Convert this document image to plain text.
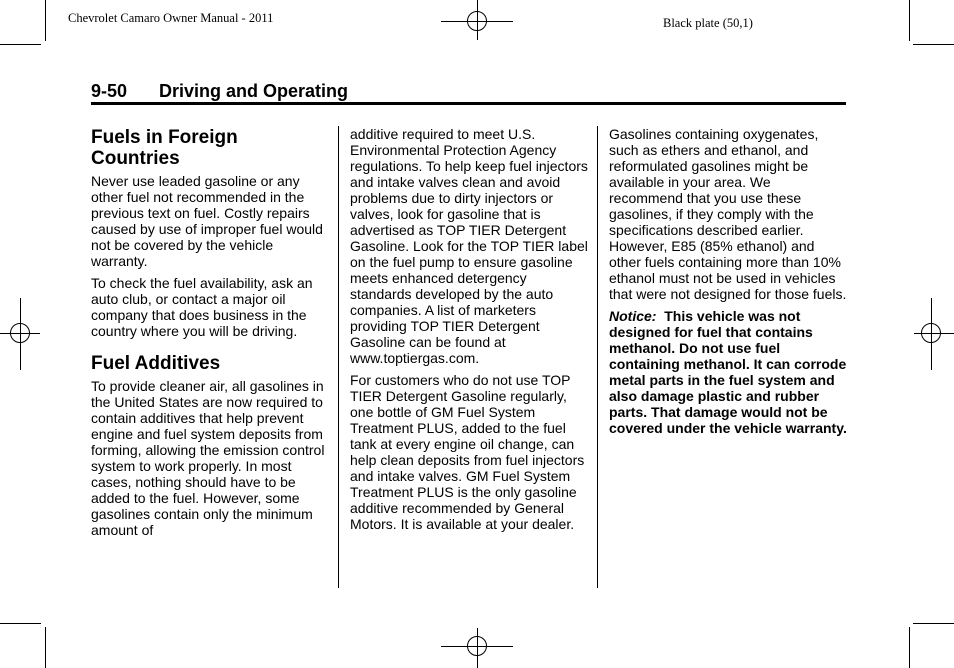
Chevrolet Camaro Owner Manual - 2011	Black plate (50,1)
9-50 Driving and Operating
Fuels in Foreign Countries

Never use leaded gasoline or any other fuel not recommended in the previous text on fuel. Costly repairs caused by use of improper fuel would not be covered by the vehicle warranty.

To check the fuel availability, ask an auto club, or contact a major oil company that does business in the country where you will be driving.

Fuel Additives

To provide cleaner air, all gasolines in the United States are now required to contain additives that help prevent engine and fuel system deposits from forming, allowing the emission control system to work properly. In most cases, nothing should have to be added to the fuel. However, some gasolines contain only the minimum amount of

additive required to meet U.S. Environmental Protection Agency regulations. To help keep fuel injectors and intake valves clean and avoid problems due to dirty injectors or valves, look for gasoline that is advertised as TOP TIER Detergent Gasoline. Look for the TOP TIER label on the fuel pump to ensure gasoline meets enhanced detergency standards developed by the auto companies. A list of marketers providing TOP TIER Detergent Gasoline can be found at www.toptiergas.com.

For customers who do not use TOP TIER Detergent Gasoline regularly, one bottle of GM Fuel System Treatment PLUS, added to the fuel tank at every engine oil change, can help clean deposits from fuel injectors and intake valves. GM Fuel System Treatment PLUS is the only gasoline additive recommended by General Motors. It is available at your dealer.

Gasolines containing oxygenates, such as ethers and ethanol, and reformulated gasolines might be available in your area. We recommend that you use these gasolines, if they comply with the specifications described earlier. However, E85 (85% ethanol) and other fuels containing more than 10% ethanol must not be used in vehicles that were not designed for those fuels.

Notice: This vehicle was not designed for fuel that contains methanol. Do not use fuel containing methanol. It can corrode metal parts in the fuel system and also damage plastic and rubber parts. That damage would not be covered under the vehicle warranty.
